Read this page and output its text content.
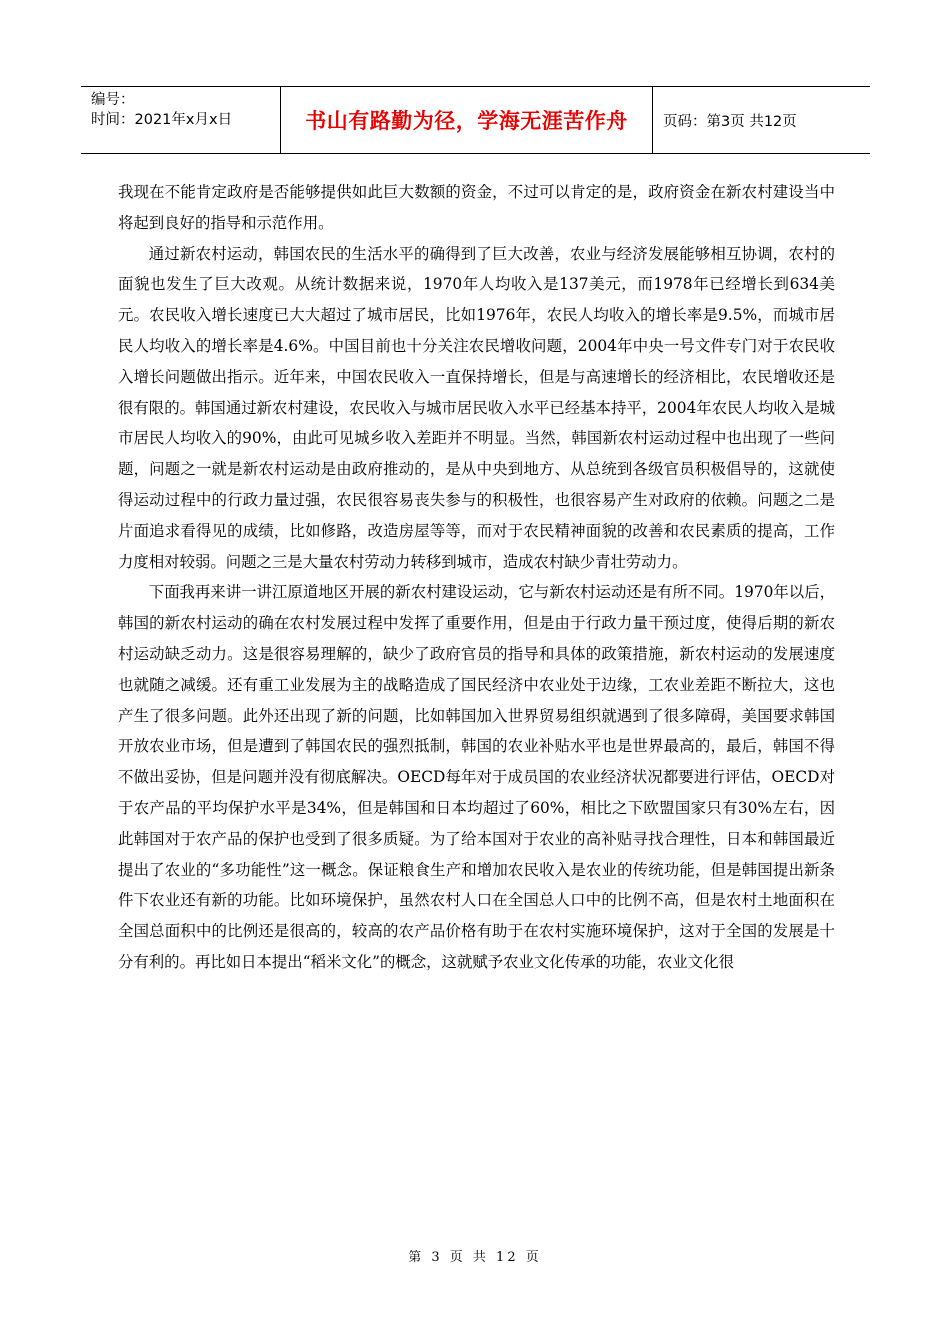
编号：
时间：2021年x月x日	书山有路勤为径，学海无涯苦作舟 页码：第3页 共12页

我现在不能肯定政府是否能够提供如此巨大数额的资金，不过可以肯定的是，政府资金在新农村建设当中将起到良好的指导和示范作用。

通过新农村运动，韩国农民的生活水平的确得到了巨大改善，农业与经济发展能够相互协调，农村的面貌也发生了巨大改观。从统计数据来说，1970年人均收入是137美元，而1978年已经增长到634美元。农民收入增长速度已大大超过了城市居民，比如1976年，农民人均收入的增长率是9.5%，而城市居民人均收入的增长率是4.6%。中国目前也十分关注农民增收问题，2004年中央一号文件专门对于农民收入增长问题做出指示。近年来，中国农民收入一直保持增长，但是与高速增长的经济相比，农民增收还是很有限的。韩国通过新农村建设，农民收入与城市居民收入水平已经基本持平，2004年农民人均收入是城市居民人均收入的90%，由此可见城乡收入差距并不明显。当然，韩国新农村运动过程中也出现了一些问题，问题之一就是新农村运动是由政府推动的，是从中央到地方、从总统到各级官员积极倡导的，这就使得运动过程中的行政力量过强，农民很容易丧失参与的积极性，也很容易产生对政府的依赖。问题之二是片面追求看得见的成绩，比如修路，改造房屋等等，而对于农民精神面貌的改善和农民素质的提高，工作力度相对较弱。问题之三是大量农村劳动力转移到城市，造成农村缺少青壮劳动力。

下面我再来讲一讲江原道地区开展的新农村建设运动，它与新农村运动还是有所不同。1970年以后，韩国的新农村运动的确在农村发展过程中发挥了重要作用，但是由于行政力量干预过度，使得后期的新农村运动缺乏动力。这是很容易理解的，缺少了政府官员的指导和具体的政策措施，新农村运动的发展速度也就随之减缓。还有重工业发展为主的战略造成了国民经济中农业处于边缘，工农业差距不断拉大，这也产生了很多问题。此外还出现了新的问题，比如韩国加入世界贸易组织就遇到了很多障碍，美国要求韩国开放农业市场，但是遭到了韩国农民的强烈抵制，韩国的农业补贴水平也是世界最高的，最后，韩国不得不做出妥协，但是问题并没有彻底解决。OECD每年对于成员国的农业经济状况都要进行评估，OECD对于农产品的平均保护水平是34%，但是韩国和日本均超过了60%，相比之下欧盟国家只有30%左右，因此韩国对于农产品的保护也受到了很多质疑。为了给本国对于农业的高补贴寻找合理性，日本和韩国最近提出了农业的“多功能性”这一概念。保证粮食生产和增加农民收入是农业的传统功能，但是韩国提出新条件下农业还有新的功能。比如环境保护，虽然农村人口在全国总人口中的比例不高，但是农村土地面积在全国总面积中的比例还是很高的，较高的农产品价格有助于在农村实施环境保护，这对于全国的发展是十分有利的。再比如日本提出“稻米文化”的概念，这就赋予农业文化传承的功能，农业文化很

第 3 页 共 12 页
